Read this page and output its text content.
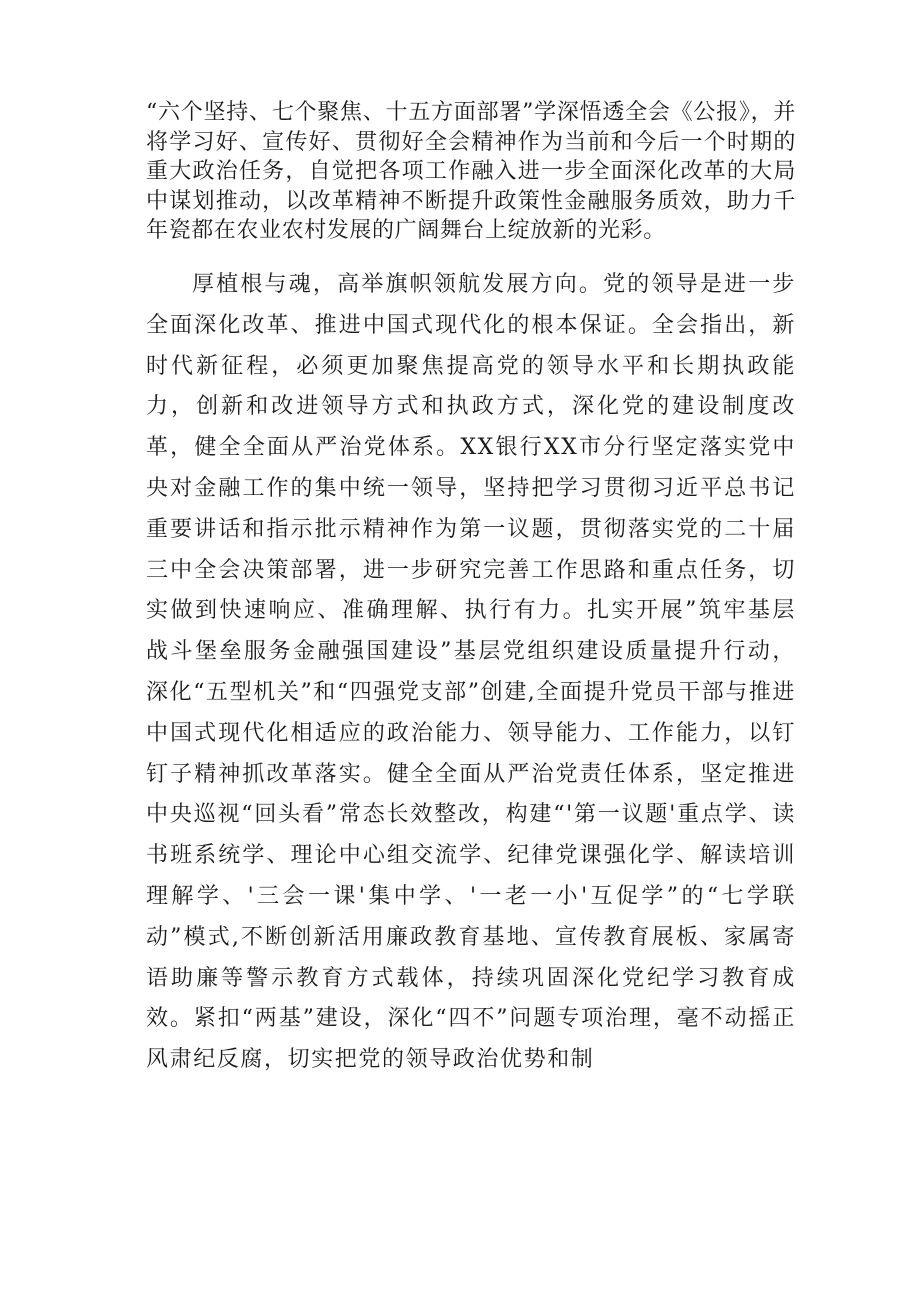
“六个坚持、七个聚焦、十五方面部署”学深悟透全会《公报》，并将学习好、宣传好、贯彻好全会精神作为当前和今后一个时期的重大政治任务，自觉把各项工作融入进一步全面深化改革的大局中谋划推动，以改革精神不断提升政策性金融服务质效，助力千年瓷都在农业农村发展的广阔舞台上绽放新的光彩。

厚植根与魂，高举旗帜领航发展方向。党的领导是进一步全面深化改革、推进中国式现代化的根本保证。全会指出，新时代新征程，必须更加聚焦提高党的领导水平和长期执政能力，创新和改进领导方式和执政方式，深化党的建设制度改革，健全全面从严治党体系。XX银行XX市分行坚定落实党中央对金融工作的集中统一领导，坚持把学习贯彻习近平总书记重要讲话和指示批示精神作为第一议题，贯彻落实党的二十届三中全会决策部署，进一步研究完善工作思路和重点任务，切实做到快速响应、准确理解、执行有力。扎实开展”筑牢基层战斗堡垒服务金融强国建设”基层党组织建设质量提升行动，深化“五型机关”和“四强党支部”创建,全面提升党员干部与推进中国式现代化相适应的政治能力、领导能力、工作能力，以钉钉子精神抓改革落实。健全全面从严治党责任体系，坚定推进中央巡视“回头看”常态长效整改，构建“'第一议题'重点学、读书班系统学、理论中心组交流学、纪律党课强化学、解读培训理解学、'三会一课'集中学、'一老一小'互促学”的“七学联动”模式,不断创新活用廉政教育基地、宣传教育展板、家属寄语助廉等警示教育方式载体，持续巩固深化党纪学习教育成效。紧扣“两基”建设，深化“四不”问题专项治理，毫不动摇正风肃纪反腐，切实把党的领导政治优势和制
